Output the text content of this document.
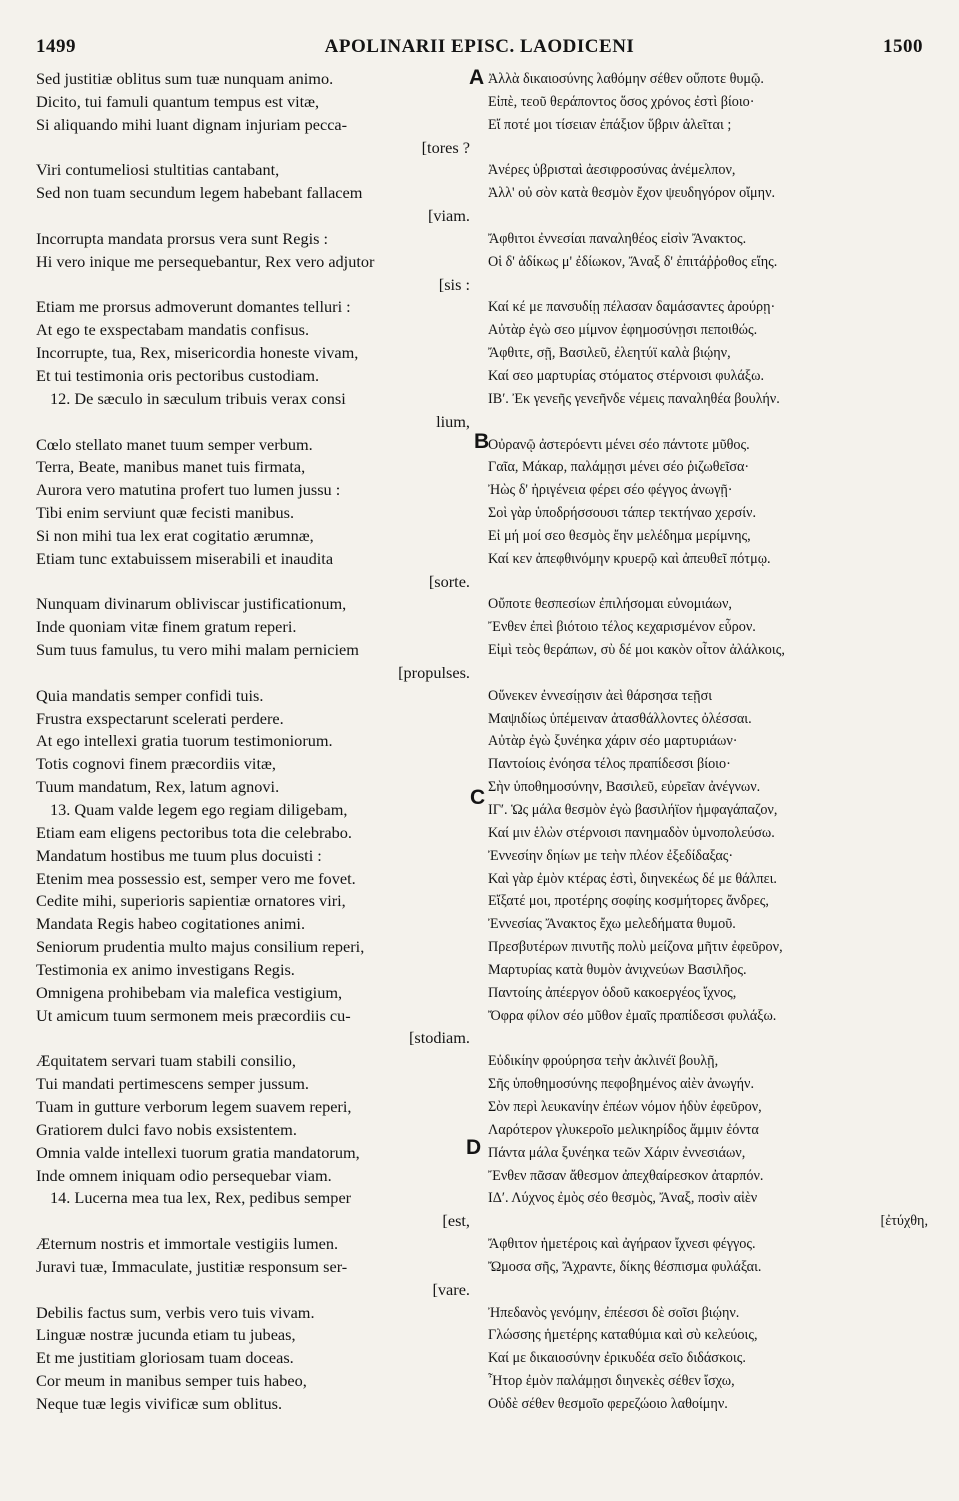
1499	APOLINARII EPISC. LAODICENI	1500
Sed justitiæ oblitus sum tuæ nunquam animo.
Dicito, tui famuli quantum tempus est vitæ,
Si aliquando mihi luant dignam injuriam pecca-
[tores ?
Viri contumeliosi stultitias cantabant,
Sed non tuam secundum legem habebant fallacem
[viam.
Incorrupta mandata prorsus vera sunt Regis :
Hi vero inique me persequebantur, Rex vero adjutor
[sis :
Etiam me prorsus admoverunt domantes telluri :
At ego te exspectabam mandatis confisus.
Incorrupte, tua, Rex, misericordia honeste vivam,
Et tui testimonia oris pectoribus custodiam.
12. De sæculo in sæculum tribuis verax consi
lium,
Cœlo stellato manet tuum semper verbum.
Terra, Beate, manibus manet tuis firmata,
Aurora vero matutina profert tuo lumen jussu :
Tibi enim serviunt quæ fecisti manibus.
Si non mihi tua lex erat cogitatio ærumnæ,
Etiam tunc extabuissem miserabili et inaudita
[sorte.
Nunquam divinarum obliviscar justificationum,
Inde quoniam vitæ finem gratum reperi.
Sum tuus famulus, tu vero mihi malam perniciem
[propulses.
Quia mandatis semper confidi tuis.
Frustra exspectarunt scelerati perdere.
At ego intellexi gratia tuorum testimoniorum.
Totis cognovi finem præcordiis vitæ,
Tuum mandatum, Rex, latum agnovi.
13. Quam valde legem ego regiam diligebam,
Etiam eam eligens pectoribus tota die celebrabo.
Mandatum hostibus me tuum plus docuisti :
Etenim mea possessio est, semper vero me fovet.
Cedite mihi, superioris sapientiæ ornatores viri,
Mandata Regis habeo cogitationes animi.
Seniorum prudentia multo majus consilium reperi,
Testimonia ex animo investigans Regis.
Omnigena prohibebam via malefica vestigium,
Ut amicum tuum sermonem meis præcordiis cu-
[stodiam.
Æquitatem servari tuam stabili consilio,
Tui mandati pertimescens semper jussum.
Tuam in gutture verborum legem suavem reperi,
Gratiorem dulci favo nobis exsistentem.
Omnia valde intellexi tuorum gratia mandatorum,
Inde omnem iniquam odio persequebar viam.
14. Lucerna mea tua lex, Rex, pedibus semper
[est,
Æternum nostris et immortale vestigiis lumen.
Juravi tuæ, Immaculate, justitiæ responsum ser-
[vare.
Debilis factus sum, verbis vero tuis vivam.
Linguæ nostræ jucunda etiam tu jubeas,
Et me justitiam gloriosam tuam doceas.
Cor meum in manibus semper tuis habeo,
Neque tuæ legis vivificæ sum oblitus.
Ἀλλὰ δικαιοσύνης λαθόμην σέθεν οὔποτε θυμῷ.
Εἰπὲ, τεοῦ θεράποντος ὅσος χρόνος ἐστὶ βίοιο·
Εἴ ποτέ μοι τίσειαν ἐπάξιον ὕβριν ἀλεῖται ;
Ἀνέρες ὑβρισταὶ ἀεσιφροσύνας ἀνέμελπον,
Ἀλλ' οὐ σὸν κατὰ θεσμὸν ἔχον ψευδηγόρον οἴμην.
Ἄφθιτοι ἐννεσίαι παναληθέος εἰσὶν Ἄνακτος.
Οἱ δ' ἀδίκως μ' ἐδίωκον, Ἄναξ δ' ἐπιτάῤῥοθος εἴης.
Καί κέ με πανσυδίῃ πέλασαν δαμάσαντες ἀρούρῃ·
Αὐτὰρ ἐγὼ σεο μίμνον ἐφημοσύνῃσι πεποιθώς.
Ἄφθιτε, σῇ, Βασιλεῦ, ἐλεητύϊ καλὰ βιῴην,
Καί σεο μαρτυρίας στόματος στέρνοισι φυλάξω.
ΙΒʹ. Ἐκ γενεῆς γενεῆνδε νέμεις παναληθέα βουλήν.
Οὐρανῷ ἀστερόεντι μένει σέο πάντοτε μῦθος.
Γαῖα, Μάκαρ, παλάμῃσι μένει σέο ῥιζωθεῖσα·
Ἠὼς δ' ἠριγένεια φέρει σέο φέγγος ἀνωγῇ·
Σοὶ γὰρ ὑποδρήσσουσι τάπερ τεκτήναο χερσίν.
Εἰ μή μοί σεο θεσμὸς ἔην μελέδημα μερίμνης,
Καί κεν ἀπεφθινόμην κρυερῷ καὶ ἀπευθεῖ πότμῳ.
Οὔποτε θεσπεσίων ἐπιλήσομαι εὐνομιάων,
Ἔνθεν ἐπεὶ βιότοιο τέλος κεχαρισμένον εὗρον.
Εἰμὶ τεὸς θεράπων, σὺ δέ μοι κακὸν οἶτον ἀλάλκοις,
Οὕνεκεν ἐννεσίῃσιν ἀεὶ θάρσησα τεῇσι
Μαψιδίως ὑπέμειναν ἀτασθάλλοντες ὀλέσσαι.
Αὐτὰρ ἐγὼ ξυνέηκα χάριν σέο μαρτυριάων·
Παντοίοις ἐνόησα τέλος πραπίδεσσι βίοιο·
Σὴν ὑποθημοσύνην, Βασιλεῦ, εὐρεῖαν ἀνέγνων.
ΙΓʹ. Ὡς μάλα θεσμὸν ἐγὼ βασιλήϊον ἠμφαγάπαζον,
Καί μιν ἑλὼν στέρνοισι πανημαδὸν ὑμνοπολεύσω.
Ἐννεσίην δηίων με τεὴν πλέον ἐξεδίδαξας·
Καὶ γὰρ ἐμὸν κτέρας ἐστὶ, διηνεκέως δέ με θάλπει.
Εἴξατέ μοι, προτέρης σοφίης κοσμήτορες ἄνδρες,
Ἐννεσίας Ἄνακτος ἔχω μελεδήματα θυμοῦ.
Πρεσβυτέρων πινυτῆς πολὺ μείζονα μῆτιν ἐφεῦρον,
Μαρτυρίας κατὰ θυμὸν ἀνιχνεύων Βασιλῆος.
Παντοίης ἀπέεργον ὁδοῦ κακοεργέος ἴχνος,
Ὄφρα φίλον σέο μῦθον ἐμαῖς πραπίδεσσι φυλάξω.
Εὐδικίην φρούρησα τεὴν ἀκλινέϊ βουλῇ,
Σῆς ὑποθημοσύνης πεφοβημένος αἰὲν ἀνωγήν.
Σὸν περὶ λευκανίην ἐπέων νόμον ἡδὺν ἐφεῦρον,
Λαρότερον γλυκεροῖο μελικηρίδος ἄμμιν ἐόντα
Πάντα μάλα ξυνέηκα τεῶν Χάριν ἐννεσιάων,
Ἔνθεν πᾶσαν ἄθεσμον ἀπεχθαίρεσκον ἀταρπόν.
ΙΔʹ. Λύχνος ἐμὸς σέο θεσμὸς, Ἄναξ, ποσὶν αἰὲν
[ἐτύχθη,
Ἄφθιτον ἡμετέροις καὶ ἀγήραον ἴχνεσι φέγγος.
Ὤμοσα σῆς, Ἄχραντε, δίκης θέσπισμα φυλάξαι.
Ἠπεδανὸς γενόμην, ἐπέεσσι δὲ σοῖσι βιῴην.
Γλώσσης ἡμετέρης καταθύμια καὶ σὺ κελεύοις,
Καί με δικαιοσύνην ἐρικυδέα σεῖο διδάσκοις.
Ἦτορ ἐμὸν παλάμῃσι διηνεκὲς σέθεν ἴσχω,
Οὐδὲ σέθεν θεσμοῖο φερεζώοιο λαθοίμην.
A
B
C
D
